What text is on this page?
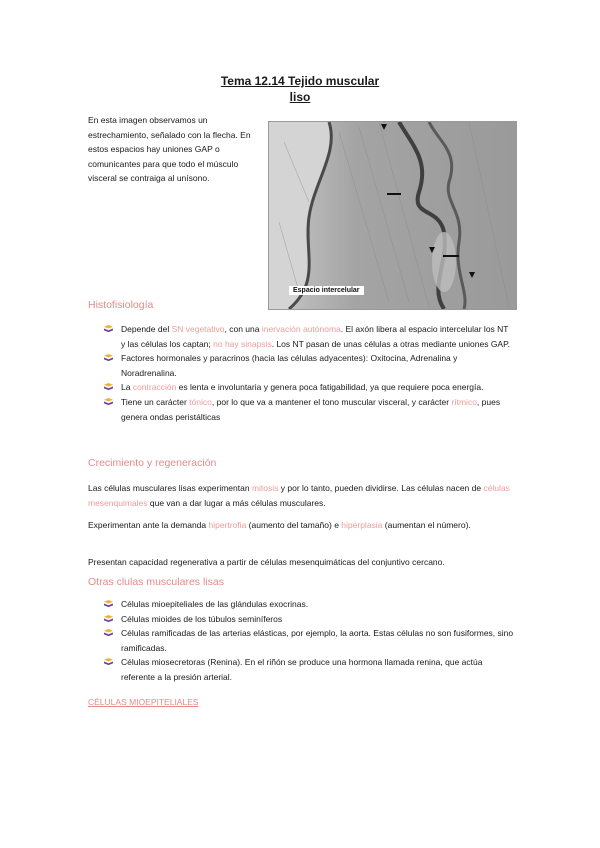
Tema 12.14 Tejido muscular
liso
En esta imagen observamos un estrechamiento, señalado con la flecha. En estos espacios hay uniones GAP o comunicantes para que todo el músculo visceral se contraiga al unísono.
Espacio intercelular
Histofisiología
Depende del SN vegetativo, con una inervación autónoma. El axón libera al espacio intercelular los NT y las células los captan; no hay sinapsis. Los NT pasan de unas células a otras mediante uniones GAP.
Factores hormonales y paracrinos (hacia las células adyacentes): Oxitocina, Adrenalina y Noradrenalina.
La contracción es lenta e involuntaria y genera poca fatigabilidad, ya que requiere poca energía.
Tiene un carácter tónico, por lo que va a mantener el tono muscular visceral, y carácter rítmico, pues genera ondas peristálticas
Crecimiento y regeneración

Las células musculares lisas experimentan mitosis y por lo tanto, pueden dividirse. Las células nacen de células mesenquimales que van a dar lugar a más células musculares.

Experimentan ante la demanda hipertrofia (aumento del tamaño) e hiperplasia (aumentan el número).

Presentan capacidad regenerativa a partir de células mesenquimáticas del conjuntivo cercano.

Otras clulas musculares lisas
Células mioepiteliales de las glándulas exocrinas.
Células mioides de los túbulos seminíferos
Células ramificadas de las arterias elásticas, por ejemplo, la aorta. Estas células no son fusiformes, sino ramificadas.
Células miosecretoras (Renina). En el riñón se produce una hormona llamada renina, que actúa referente a la presión arterial.
CÉLULAS MIOEPITELIALES
